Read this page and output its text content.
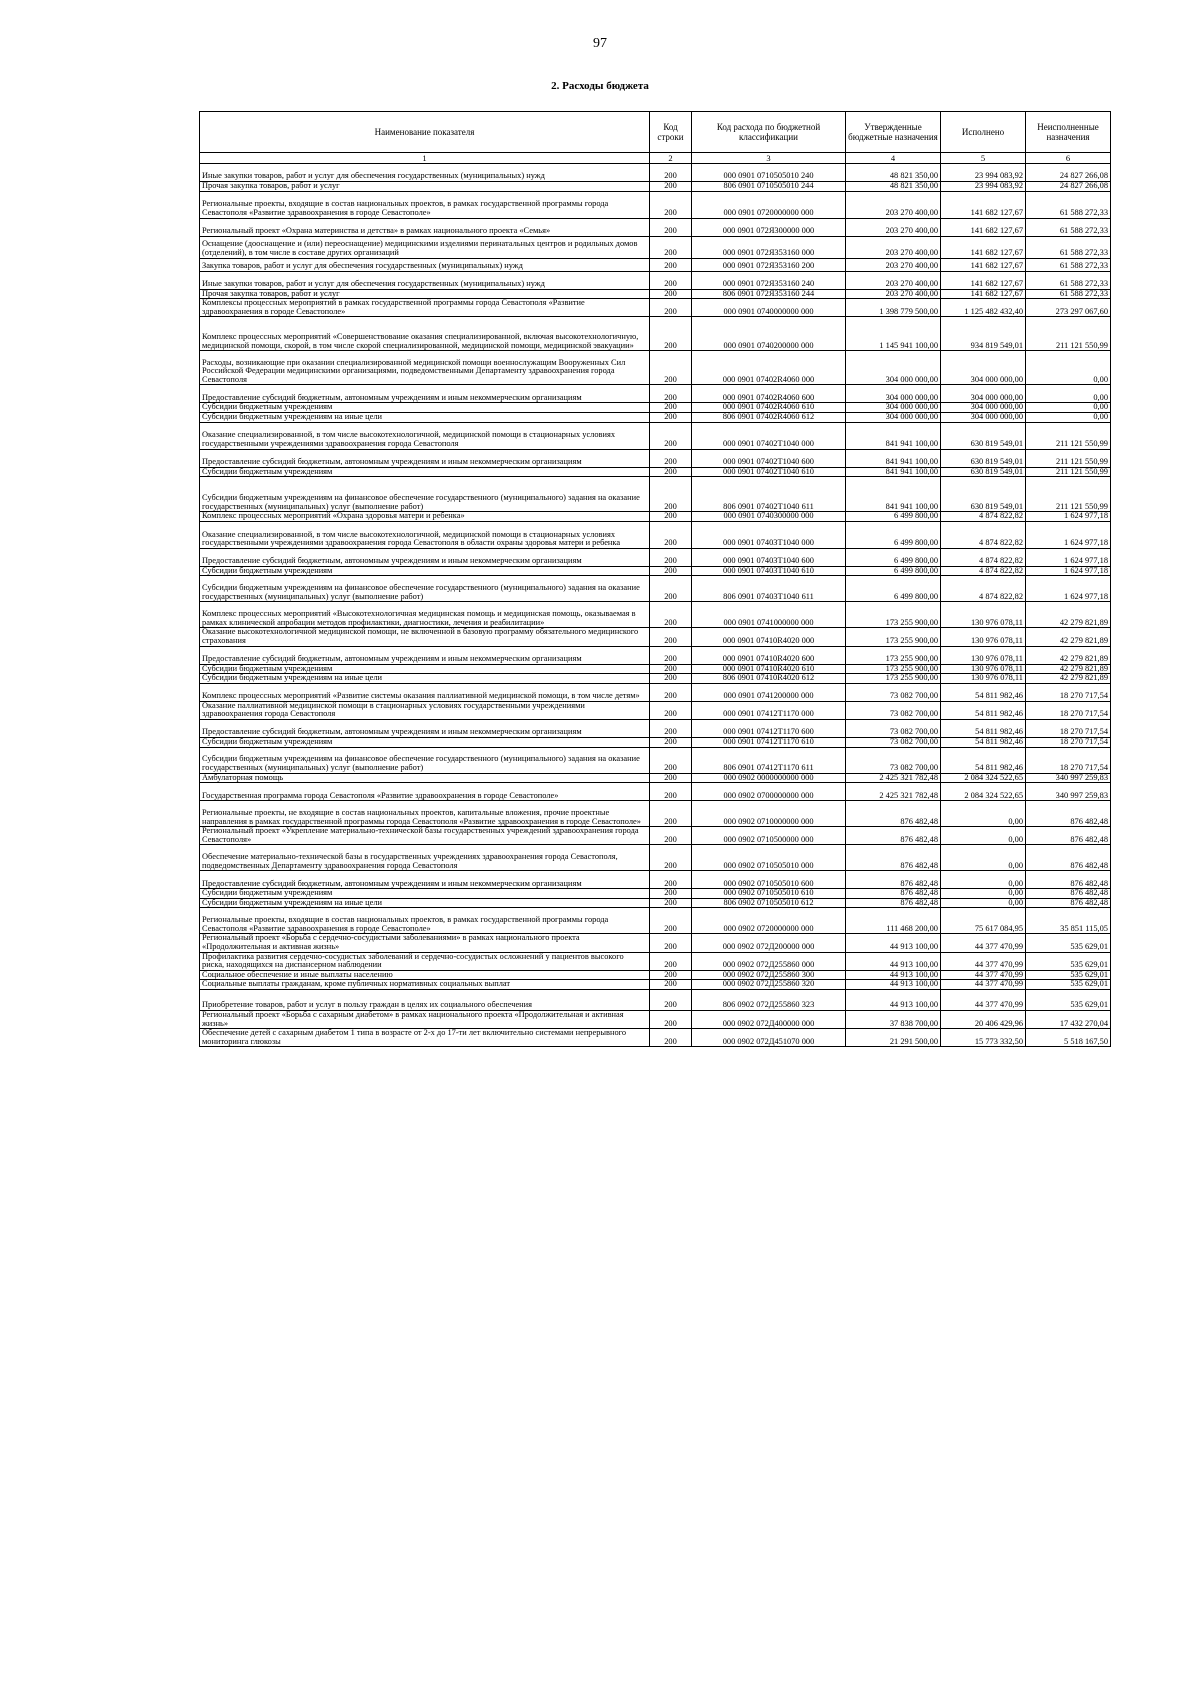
97
2. Расходы бюджета
Наименование показателя	Код строки	Код расхода по бюджетной классификации	Утвержденные бюджетные назначения	Исполнено	Неисполненные назначения
1	2	3	4	5	6
Иные закупки товаров, работ и услуг для обеспечения государственных (муниципальных) нужд	200	000 0901 0710505010 240	48 821 350,00	23 994 083,92	24 827 266,08
Прочая закупка товаров, работ и услуг	200	806 0901 0710505010 244	48 821 350,00	23 994 083,92	24 827 266,08
Региональные проекты, входящие в состав национальных проектов, в рамках государственной программы города Севастополя «Развитие здравоохранения в городе Севастополе»	200	000 0901 0720000000 000	203 270 400,00	141 682 127,67	61 588 272,33
Региональный проект «Охрана материнства и детства» в рамках национального проекта «Семья»	200	000 0901 072Я300000 000	203 270 400,00	141 682 127,67	61 588 272,33
Оснащение (дооснащение и (или) переоснащение) медицинскими изделиями перинатальных центров и родильных домов (отделений), в том числе в составе других организаций	200	000 0901 072Я353160 000	203 270 400,00	141 682 127,67	61 588 272,33
Закупка товаров, работ и услуг для обеспечения государственных (муниципальных) нужд	200	000 0901 072Я353160 200	203 270 400,00	141 682 127,67	61 588 272,33
Иные закупки товаров, работ и услуг для обеспечения государственных (муниципальных) нужд	200	000 0901 072Я353160 240	203 270 400,00	141 682 127,67	61 588 272,33
Прочая закупка товаров, работ и услуг	200	806 0901 072Я353160 244	203 270 400,00	141 682 127,67	61 588 272,33
Комплексы процессных мероприятий в рамках государственной программы города Севастополя «Развитие здравоохранения в городе Севастополе»	200	000 0901 0740000000 000	1 398 779 500,00	1 125 482 432,40	273 297 067,60
Комплекс процессных мероприятий «Совершенствование оказания специализированной, включая высокотехнологичную, медицинской помощи, скорой, в том числе скорой специализированной, медицинской помощи, медицинской эвакуации»	200	000 0901 0740200000 000	1 145 941 100,00	934 819 549,01	211 121 550,99
Расходы, возникающие при оказании специализированной медицинской помощи военнослужащим Вооруженных Сил Российской Федерации медицинскими организациями, подведомственными Департаменту здравоохранения города Севастополя	200	000 0901 07402R4060 000	304 000 000,00	304 000 000,00	0,00
Предоставление субсидий бюджетным, автономным учреждениям и иным некоммерческим организациям	200	000 0901 07402R4060 600	304 000 000,00	304 000 000,00	0,00
Субсидии бюджетным учреждениям	200	000 0901 07402R4060 610	304 000 000,00	304 000 000,00	0,00
Субсидии бюджетным учреждениям на иные цели	200	806 0901 07402R4060 612	304 000 000,00	304 000 000,00	0,00
Оказание специализированной, в том числе высокотехнологичной, медицинской помощи в стационарных условиях государственными учреждениями здравоохранения города Севастополя	200	000 0901 07402Т1040 000	841 941 100,00	630 819 549,01	211 121 550,99
Предоставление субсидий бюджетным, автономным учреждениям и иным некоммерческим организациям	200	000 0901 07402Т1040 600	841 941 100,00	630 819 549,01	211 121 550,99
Субсидии бюджетным учреждениям	200	000 0901 07402Т1040 610	841 941 100,00	630 819 549,01	211 121 550,99
Субсидии бюджетным учреждениям на финансовое обеспечение государственного (муниципального) задания на оказание государственных (муниципальных) услуг (выполнение работ)	200	806 0901 07402Т1040 611	841 941 100,00	630 819 549,01	211 121 550,99
Комплекс процессных мероприятий «Охрана здоровья матери и ребенка»	200	000 0901 0740300000 000	6 499 800,00	4 874 822,82	1 624 977,18
Оказание специализированной, в том числе высокотехнологичной, медицинской помощи в стационарных условиях государственными учреждениями здравоохранения города Севастополя в области охраны здоровья матери и ребенка	200	000 0901 07403Т1040 000	6 499 800,00	4 874 822,82	1 624 977,18
Предоставление субсидий бюджетным, автономным учреждениям и иным некоммерческим организациям	200	000 0901 07403Т1040 600	6 499 800,00	4 874 822,82	1 624 977,18
Субсидии бюджетным учреждениям	200	000 0901 07403Т1040 610	6 499 800,00	4 874 822,82	1 624 977,18
Субсидии бюджетным учреждениям на финансовое обеспечение государственного (муниципального) задания на оказание государственных (муниципальных) услуг (выполнение работ)	200	806 0901 07403Т1040 611	6 499 800,00	4 874 822,82	1 624 977,18
Комплекс процессных мероприятий «Высокотехнологичная медицинская помощь и медицинская помощь, оказываемая в рамках клинической апробации методов профилактики, диагностики, лечения и реабилитации»	200	000 0901 0741000000 000	173 255 900,00	130 976 078,11	42 279 821,89
Оказание высокотехнологичной медицинской помощи, не включенной в базовую программу обязательного медицинского страхования	200	000 0901 07410R4020 000	173 255 900,00	130 976 078,11	42 279 821,89
Предоставление субсидий бюджетным, автономным учреждениям и иным некоммерческим организациям	200	000 0901 07410R4020 600	173 255 900,00	130 976 078,11	42 279 821,89
Субсидии бюджетным учреждениям	200	000 0901 07410R4020 610	173 255 900,00	130 976 078,11	42 279 821,89
Субсидии бюджетным учреждениям на иные цели	200	806 0901 07410R4020 612	173 255 900,00	130 976 078,11	42 279 821,89
Комплекс процессных мероприятий «Развитие системы оказания паллиативной медицинской помощи, в том числе детям»	200	000 0901 0741200000 000	73 082 700,00	54 811 982,46	18 270 717,54
Оказание паллиативной медицинской помощи в стационарных условиях государственными учреждениями здравоохранения города Севастополя	200	000 0901 07412Т1170 000	73 082 700,00	54 811 982,46	18 270 717,54
Предоставление субсидий бюджетным, автономным учреждениям и иным некоммерческим организациям	200	000 0901 07412Т1170 600	73 082 700,00	54 811 982,46	18 270 717,54
Субсидии бюджетным учреждениям	200	000 0901 07412Т1170 610	73 082 700,00	54 811 982,46	18 270 717,54
Субсидии бюджетным учреждениям на финансовое обеспечение государственного (муниципального) задания на оказание государственных (муниципальных) услуг (выполнение работ)	200	806 0901 07412Т1170 611	73 082 700,00	54 811 982,46	18 270 717,54
Амбулаторная помощь	200	000 0902 0000000000 000	2 425 321 782,48	2 084 324 522,65	340 997 259,83
Государственная программа города Севастополя «Развитие здравоохранения в городе Севастополе»	200	000 0902 0700000000 000	2 425 321 782,48	2 084 324 522,65	340 997 259,83
Региональные проекты, не входящие в состав национальных проектов, капитальные вложения, прочие проектные направления в рамках государственной программы города Севастополя «Развитие здравоохранения в городе Севастополе»	200	000 0902 0710000000 000	876 482,48	0,00	876 482,48
Региональный проект «Укрепление материально-технической базы государственных учреждений здравоохранения города Севастополя»	200	000 0902 0710500000 000	876 482,48	0,00	876 482,48
Обеспечение материально-технической базы в государственных учреждениях здравоохранения города Севастополя, подведомственных Департаменту здравоохранения города Севастополя	200	000 0902 0710505010 000	876 482,48	0,00	876 482,48
Предоставление субсидий бюджетным, автономным учреждениям и иным некоммерческим организациям	200	000 0902 0710505010 600	876 482,48	0,00	876 482,48
Субсидии бюджетным учреждениям	200	000 0902 0710505010 610	876 482,48	0,00	876 482,48
Субсидии бюджетным учреждениям на иные цели	200	806 0902 0710505010 612	876 482,48	0,00	876 482,48
Региональные проекты, входящие в состав национальных проектов, в рамках государственной программы города Севастополя «Развитие здравоохранения в городе Севастополе»	200	000 0902 0720000000 000	111 468 200,00	75 617 084,95	35 851 115,05
Региональный проект «Борьба с сердечно-сосудистыми заболеваниями» в рамках национального проекта «Продолжительная и активная жизнь»	200	000 0902 072Д200000 000	44 913 100,00	44 377 470,99	535 629,01
Профилактика развития сердечно-сосудистых заболеваний и сердечно-сосудистых осложнений у пациентов высокого риска, находящихся на диспансерном наблюдении	200	000 0902 072Д255860 000	44 913 100,00	44 377 470,99	535 629,01
Социальное обеспечение и иные выплаты населению	200	000 0902 072Д255860 300	44 913 100,00	44 377 470,99	535 629,01
Социальные выплаты гражданам, кроме публичных нормативных социальных выплат	200	000 0902 072Д255860 320	44 913 100,00	44 377 470,99	535 629,01
Приобретение товаров, работ и услуг в пользу граждан в целях их социального обеспечения	200	806 0902 072Д255860 323	44 913 100,00	44 377 470,99	535 629,01
Региональный проект «Борьба с сахарным диабетом» в рамках национального проекта «Продолжительная и активная жизнь»	200	000 0902 072Д400000 000	37 838 700,00	20 406 429,96	17 432 270,04
Обеспечение детей с сахарным диабетом 1 типа в возрасте от 2-х до 17-ти лет включительно системами непрерывного мониторинга глюкозы	200	000 0902 072Д451070 000	21 291 500,00	15 773 332,50	5 518 167,50
